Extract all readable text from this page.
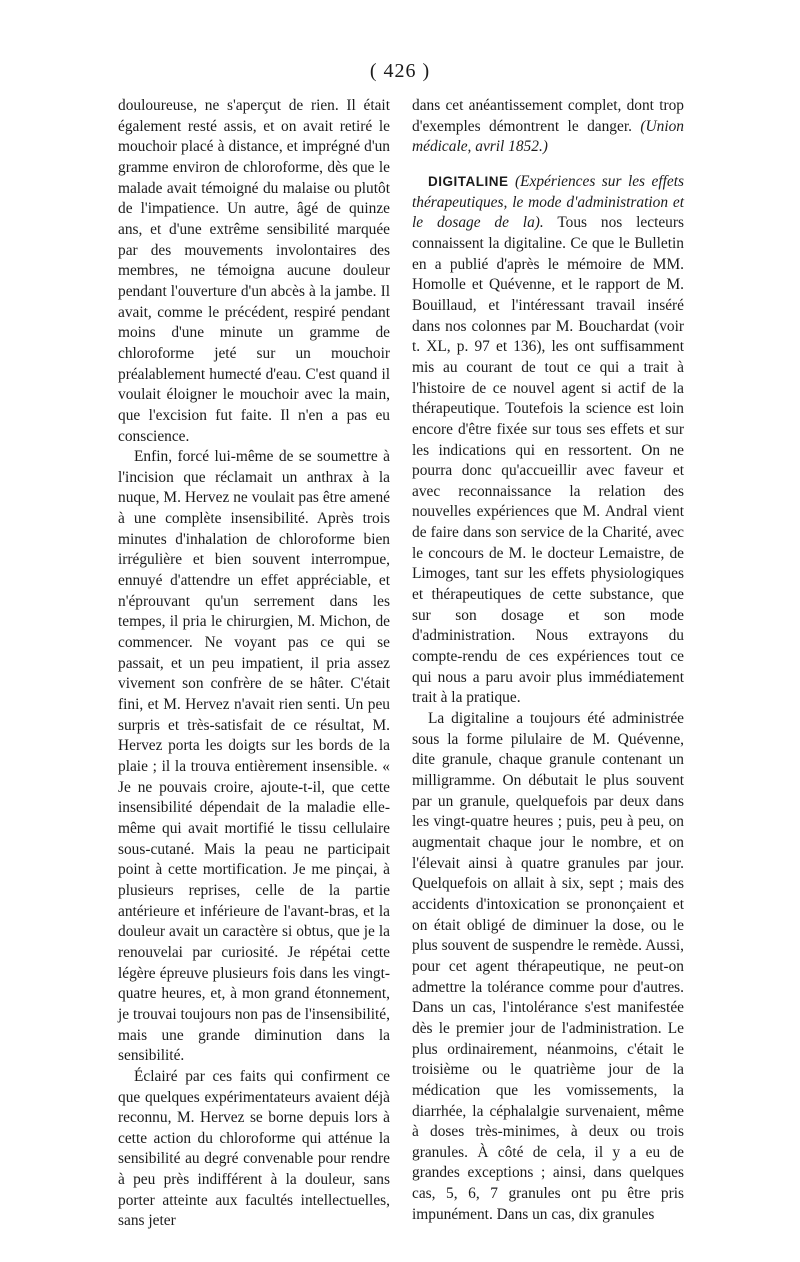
( 426 )

douloureuse, ne s'aperçut de rien. Il était également resté assis, et on avait retiré le mouchoir placé à distance, et imprégné d'un gramme environ de chloroforme, dès que le malade avait témoigné du malaise ou plutôt de l'impatience. Un autre, âgé de quinze ans, et d'une extrême sensibilité marquée par des mouvements involontaires des membres, ne témoigna aucune douleur pendant l'ouverture d'un abcès à la jambe. Il avait, comme le précédent, respiré pendant moins d'une minute un gramme de chloroforme jeté sur un mouchoir préalablement humecté d'eau. C'est quand il voulait éloigner le mouchoir avec la main, que l'excision fut faite. Il n'en a pas eu conscience.

Enfin, forcé lui-même de se soumettre à l'incision que réclamait un anthrax à la nuque, M. Hervez ne voulait pas être amené à une complète insensibilité. Après trois minutes d'inhalation de chloroforme bien irrégulière et bien souvent interrompue, ennuyé d'attendre un effet appréciable, et n'éprouvant qu'un serrement dans les tempes, il pria le chirurgien, M. Michon, de commencer. Ne voyant pas ce qui se passait, et un peu impatient, il pria assez vivement son confrère de se hâter. C'était fini, et M. Hervez n'avait rien senti. Un peu surpris et très-satisfait de ce résultat, M. Hervez porta les doigts sur les bords de la plaie ; il la trouva entièrement insensible. « Je ne pouvais croire, ajoute-t-il, que cette insensibilité dépendait de la maladie elle-même qui avait mortifié le tissu cellulaire sous-cutané. Mais la peau ne participait point à cette mortification. Je me pinçai, à plusieurs reprises, celle de la partie antérieure et inférieure de l'avant-bras, et la douleur avait un caractère si obtus, que je la renouvelai par curiosité. Je répétai cette légère épreuve plusieurs fois dans les vingt-quatre heures, et, à mon grand étonnement, je trouvai toujours non pas de l'insensibilité, mais une grande diminution dans la sensibilité.

Éclairé par ces faits qui confirment ce que quelques expérimentateurs avaient déjà reconnu, M. Hervez se borne depuis lors à cette action du chloroforme qui atténue la sensibilité au degré convenable pour rendre à peu près indifférent à la douleur, sans porter atteinte aux facultés intellectuelles, sans jeter

dans cet anéantissement complet, dont trop d'exemples démontrent le danger. (Union médicale, avril 1852.)

DIGITALINE (Expériences sur les effets thérapeutiques, le mode d'administration et le dosage de la). Tous nos lecteurs connaissent la digitaline. Ce que le Bulletin en a publié d'après le mémoire de MM. Homolle et Quévenne, et le rapport de M. Bouillaud, et l'intéressant travail inséré dans nos colonnes par M. Bouchardat (voir t. XL, p. 97 et 136), les ont suffisamment mis au courant de tout ce qui a trait à l'histoire de ce nouvel agent si actif de la thérapeutique. Toutefois la science est loin encore d'être fixée sur tous ses effets et sur les indications qui en ressortent. On ne pourra donc qu'accueillir avec faveur et avec reconnaissance la relation des nouvelles expériences que M. Andral vient de faire dans son service de la Charité, avec le concours de M. le docteur Lemaistre, de Limoges, tant sur les effets physiologiques et thérapeutiques de cette substance, que sur son dosage et son mode d'administration. Nous extrayons du compte-rendu de ces expériences tout ce qui nous a paru avoir plus immédiatement trait à la pratique.

La digitaline a toujours été administrée sous la forme pilulaire de M. Quévenne, dite granule, chaque granule contenant un milligramme. On débutait le plus souvent par un granule, quelquefois par deux dans les vingt-quatre heures ; puis, peu à peu, on augmentait chaque jour le nombre, et on l'élevait ainsi à quatre granules par jour. Quelquefois on allait à six, sept ; mais des accidents d'intoxication se prononçaient et on était obligé de diminuer la dose, ou le plus souvent de suspendre le remède. Aussi, pour cet agent thérapeutique, ne peut-on admettre la tolérance comme pour d'autres. Dans un cas, l'intolérance s'est manifestée dès le premier jour de l'administration. Le plus ordinairement, néanmoins, c'était le troisième ou le quatrième jour de la médication que les vomissements, la diarrhée, la céphalalgie survenaient, même à doses très-minimes, à deux ou trois granules. À côté de cela, il y a eu de grandes exceptions ; ainsi, dans quelques cas, 5, 6, 7 granules ont pu être pris impunément. Dans un cas, dix granules
